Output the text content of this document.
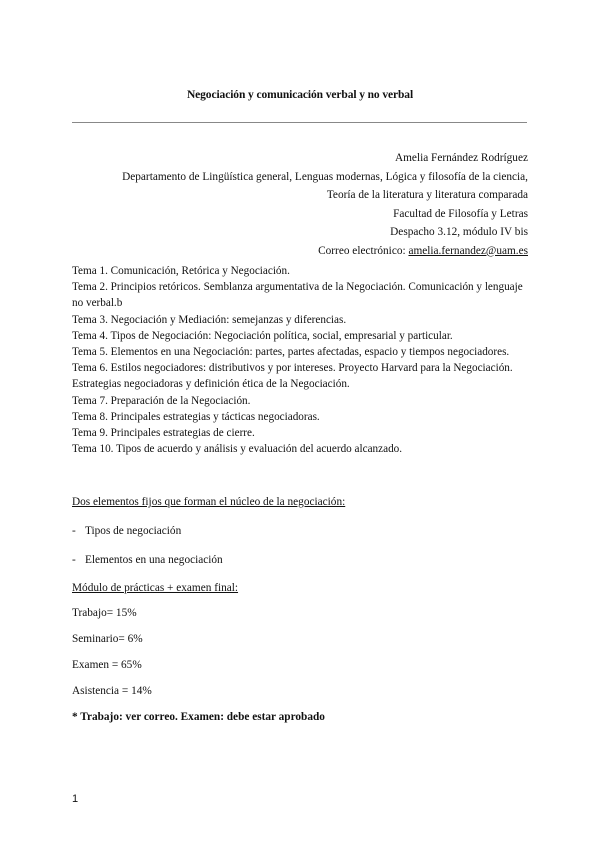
Negociación y comunicación verbal y no verbal
Amelia Fernández Rodríguez
Departamento de Lingüística general, Lenguas modernas, Lógica y filosofía de la ciencia,
Teoría de la literatura y literatura comparada
Facultad de Filosofía y Letras
Despacho 3.12, módulo IV bis
Correo electrónico: amelia.fernandez@uam.es
Tema 1. Comunicación, Retórica y Negociación.
Tema 2. Principios retóricos. Semblanza argumentativa de la Negociación. Comunicación y lenguaje no verbal.b
Tema 3. Negociación y Mediación: semejanzas y diferencias.
Tema 4. Tipos de Negociación: Negociación política, social, empresarial y particular.
Tema 5. Elementos en una Negociación: partes, partes afectadas, espacio y tiempos negociadores.
Tema 6. Estilos negociadores: distributivos y por intereses. Proyecto Harvard para la Negociación. Estrategias negociadoras y definición ética de la Negociación.
Tema 7. Preparación de la Negociación.
Tema 8. Principales estrategias y tácticas negociadoras.
Tema 9. Principales estrategias de cierre.
Tema 10. Tipos de acuerdo y análisis y evaluación del acuerdo alcanzado.
Dos elementos fijos que forman el núcleo de la negociación:
- Tipos de negociación
- Elementos en una negociación
Módulo de prácticas + examen final:
Trabajo= 15%
Seminario= 6%
Examen = 65%
Asistencia = 14%
* Trabajo: ver correo. Examen: debe estar aprobado
1
